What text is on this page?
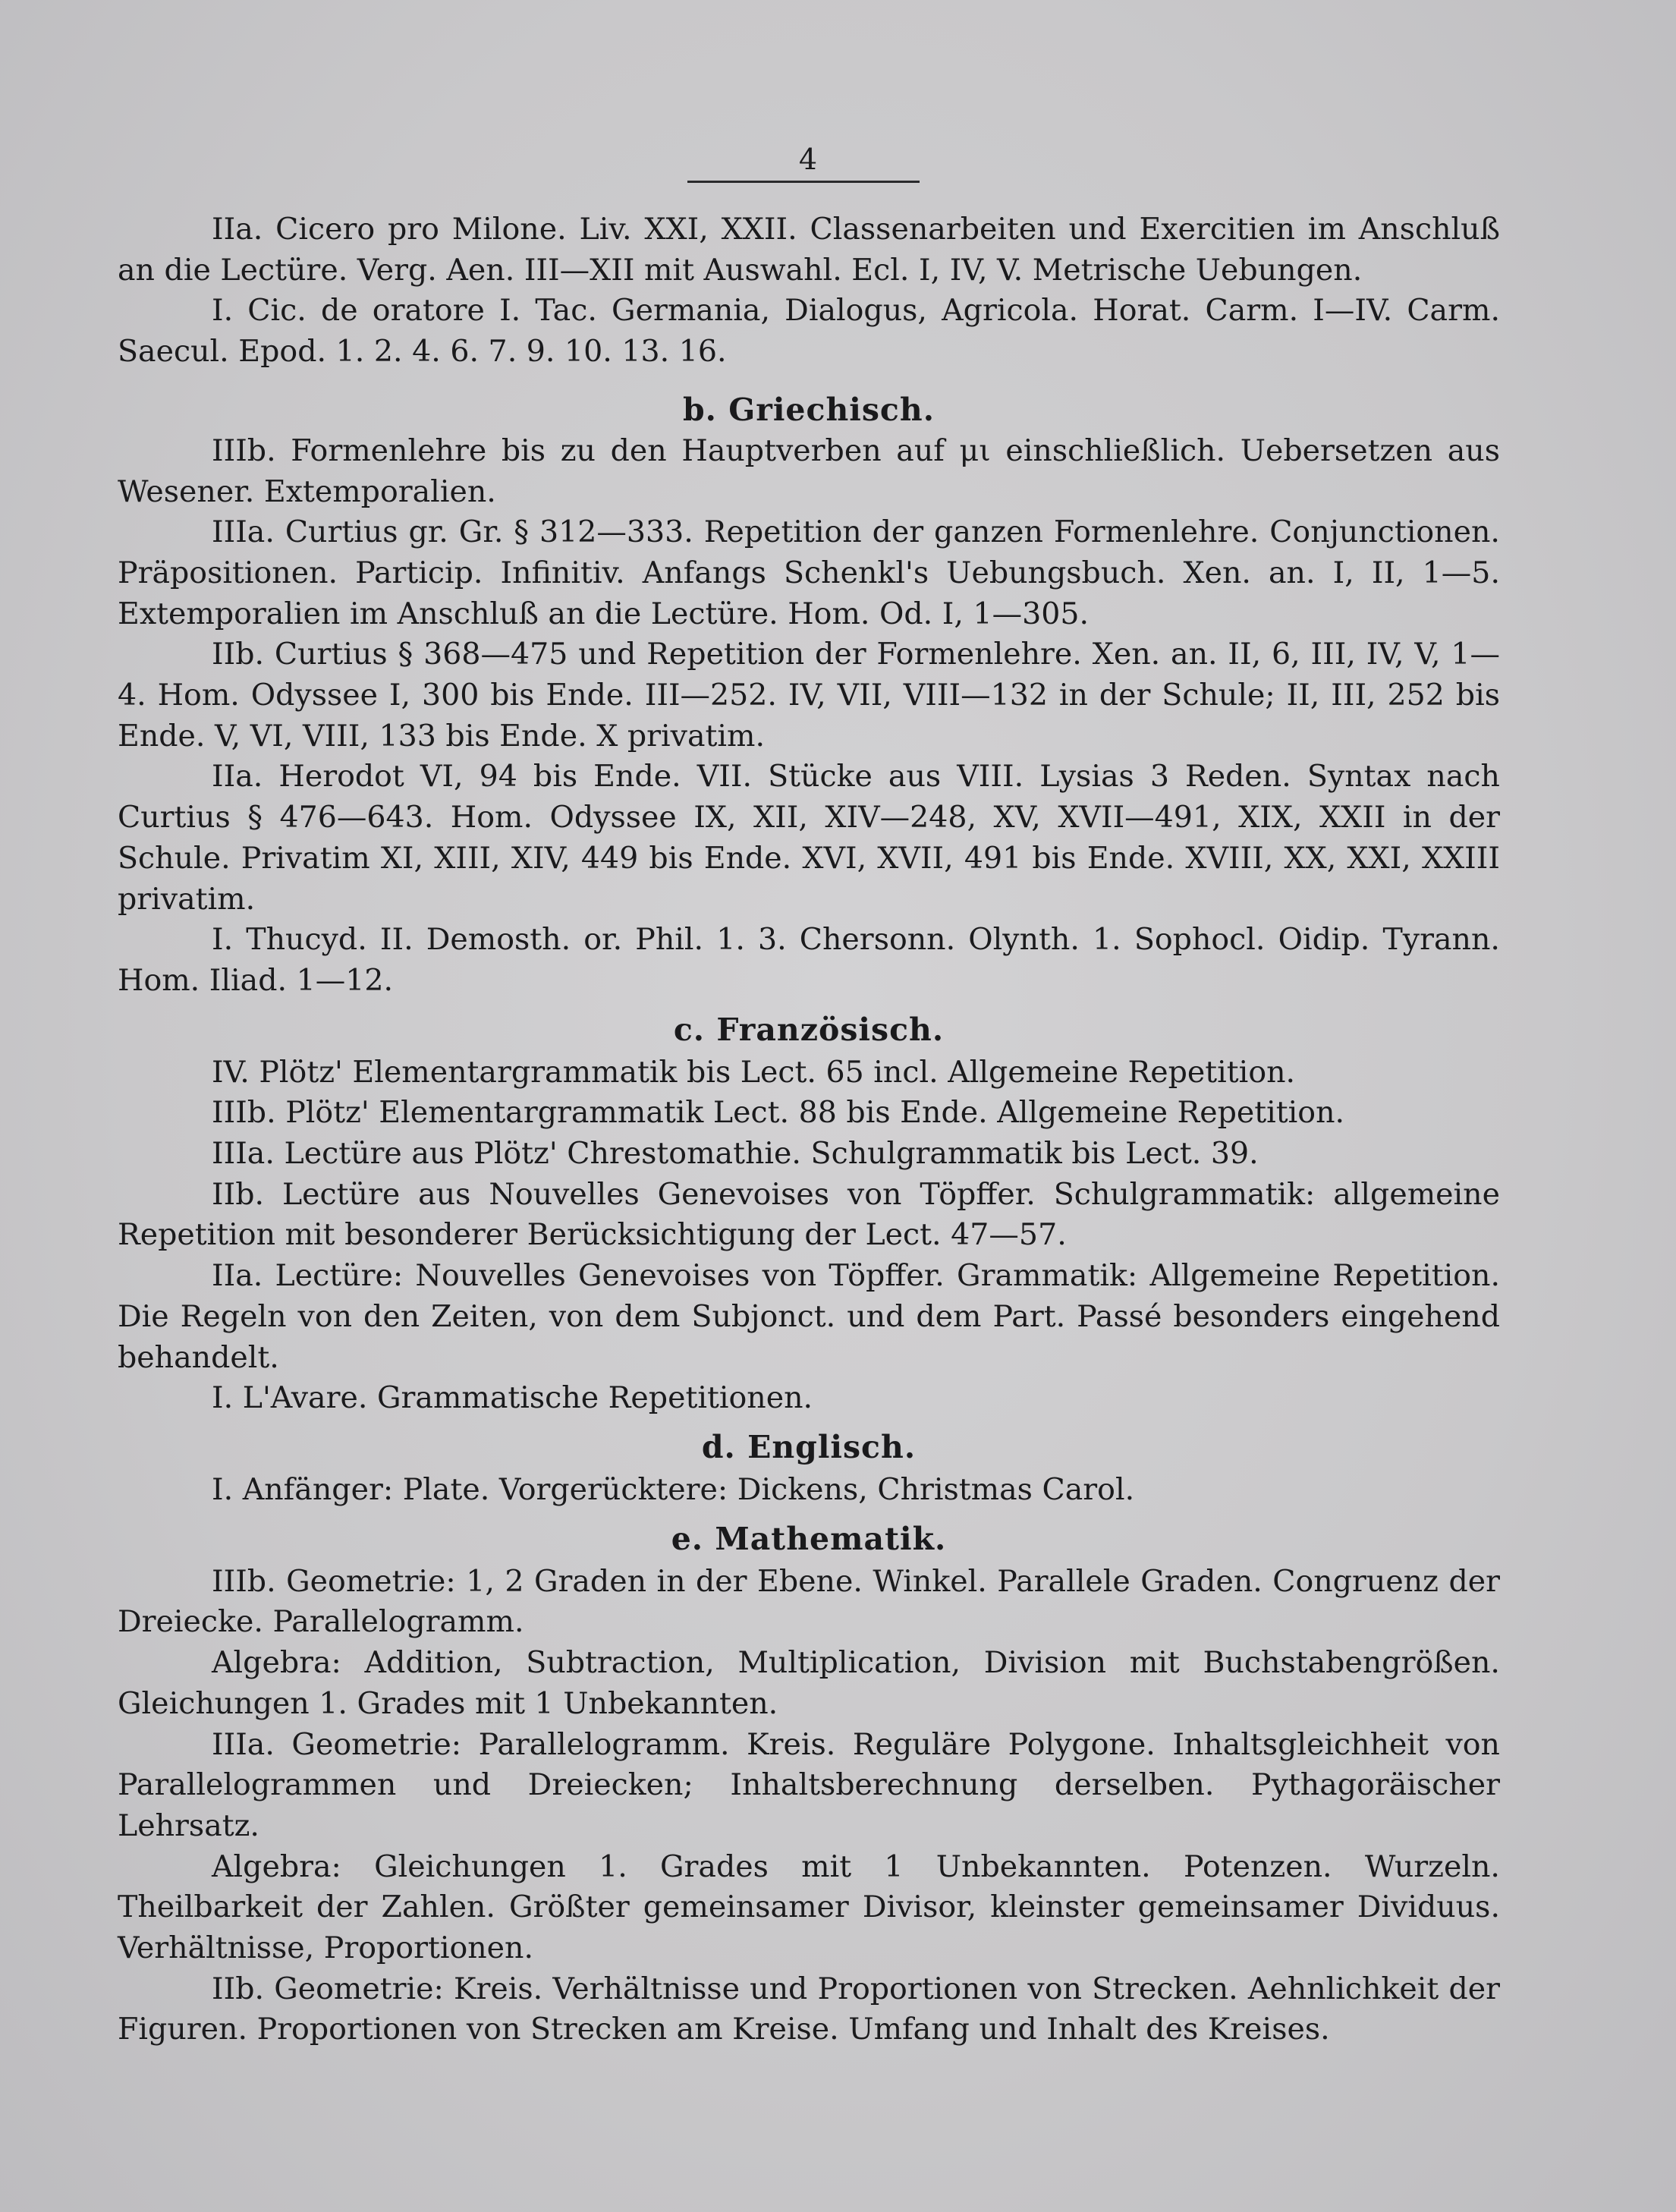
4

IIa. Cicero pro Milone. Liv. XXI, XXII. Classenarbeiten und Exercitien im Anschluß an die Lectüre. Verg. Aen. III—XII mit Auswahl. Ecl. I, IV, V. Metrische Uebungen.

I. Cic. de oratore I. Tac. Germania, Dialogus, Agricola. Horat. Carm. I—IV. Carm. Saecul. Epod. 1. 2. 4. 6. 7. 9. 10. 13. 16.

b. Griechisch.

IIIb. Formenlehre bis zu den Hauptverben auf μι einschließlich. Uebersetzen aus Wesener. Extemporalien.

IIIa. Curtius gr. Gr. § 312—333. Repetition der ganzen Formenlehre. Conjunctionen. Präpositionen. Particip. Infinitiv. Anfangs Schenkl's Uebungsbuch. Xen. an. I, II, 1—5. Extemporalien im Anschluß an die Lectüre. Hom. Od. I, 1—305.

IIb. Curtius § 368—475 und Repetition der Formenlehre. Xen. an. II, 6, III, IV, V, 1—4. Hom. Odyssee I, 300 bis Ende. III—252. IV, VII, VIII—132 in der Schule; II, III, 252 bis Ende. V, VI, VIII, 133 bis Ende. X privatim.

IIa. Herodot VI, 94 bis Ende. VII. Stücke aus VIII. Lysias 3 Reden. Syntax nach Curtius § 476—643. Hom. Odyssee IX, XII, XIV—248, XV, XVII—491, XIX, XXII in der Schule. Privatim XI, XIII, XIV, 449 bis Ende. XVI, XVII, 491 bis Ende. XVIII, XX, XXI, XXIII privatim.

I. Thucyd. II. Demosth. or. Phil. 1. 3. Chersonn. Olynth. 1. Sophocl. Oidip. Tyrann. Hom. Iliad. 1—12.

c. Französisch.

IV. Plötz' Elementargrammatik bis Lect. 65 incl. Allgemeine Repetition.

IIIb. Plötz' Elementargrammatik Lect. 88 bis Ende. Allgemeine Repetition.

IIIa. Lectüre aus Plötz' Chrestomathie. Schulgrammatik bis Lect. 39.

IIb. Lectüre aus Nouvelles Genevoises von Töpffer. Schulgrammatik: allgemeine Repetition mit besonderer Berücksichtigung der Lect. 47—57.

IIa. Lectüre: Nouvelles Genevoises von Töpffer. Grammatik: Allgemeine Repetition. Die Regeln von den Zeiten, von dem Subjonct. und dem Part. Passé besonders eingehend behandelt.

I. L'Avare. Grammatische Repetitionen.

d. Englisch.

I. Anfänger: Plate. Vorgerücktere: Dickens, Christmas Carol.

e. Mathematik.

IIIb. Geometrie: 1, 2 Graden in der Ebene. Winkel. Parallele Graden. Congruenz der Dreiecke. Parallelogramm.

Algebra: Addition, Subtraction, Multiplication, Division mit Buchstabengrößen. Gleichungen 1. Grades mit 1 Unbekannten.

IIIa. Geometrie: Parallelogramm. Kreis. Reguläre Polygone. Inhaltsgleichheit von Parallelogrammen und Dreiecken; Inhaltsberechnung derselben. Pythagoräischer Lehrsatz.

Algebra: Gleichungen 1. Grades mit 1 Unbekannten. Potenzen. Wurzeln. Theilbarkeit der Zahlen. Größter gemeinsamer Divisor, kleinster gemeinsamer Dividuus. Verhältnisse, Proportionen.

IIb. Geometrie: Kreis. Verhältnisse und Proportionen von Strecken. Aehnlichkeit der Figuren. Proportionen von Strecken am Kreise. Umfang und Inhalt des Kreises.
